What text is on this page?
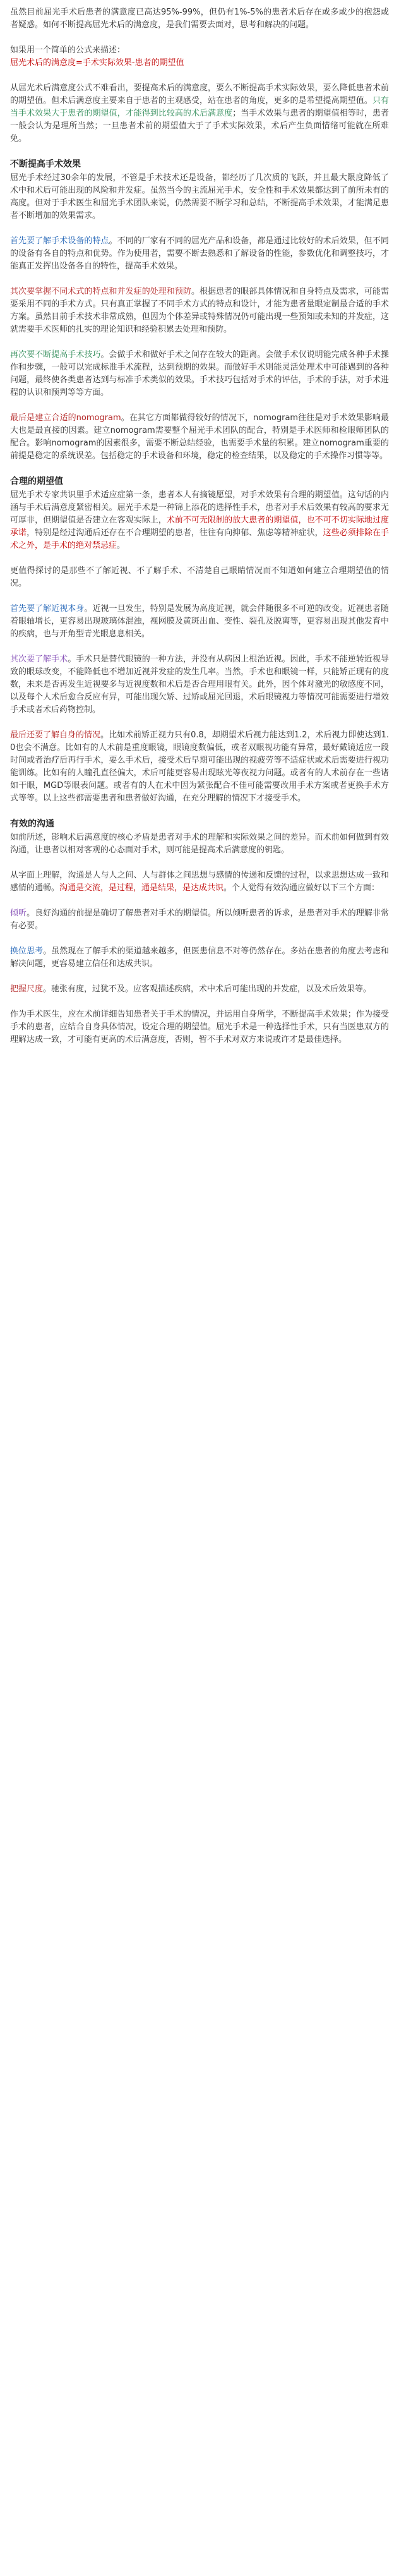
虽然目前屈光手术后患者的满意度已高达95%-99%，但仍有1%-5%的患者术后存在或多或少的抱怨或者疑惑。如何不断提高屈光术后的满意度，是我们需要去面对，思考和解决的问题。

如果用一个简单的公式来描述：

屈光术后的满意度=手术实际效果-患者的期望值

从屈光术后满意度公式不难看出，要提高术后的满意度，要么不断提高手术实际效果，要么降低患者术前的期望值。但术后满意度主要来自于患者的主观感受，站在患者的角度，更多的是希望提高期望值。只有当手术效果大于患者的期望值，才能得到比较高的术后满意度；当手术效果与患者的期望值相等时，患者一般会认为是理所当然；一旦患者术前的期望值大于了手术实际效果，术后产生负面情绪可能就在所难免。

不断提高手术效果

屈光手术经过30余年的发展，不管是手术技术还是设备，都经历了几次质的飞跃，并且最大限度降低了术中和术后可能出现的风险和并发症。虽然当今的主流屈光手术，安全性和手术效果都达到了前所未有的高度。但对于手术医生和屈光手术团队来说，仍然需要不断学习和总结，不断提高手术效果，才能满足患者不断增加的效果需求。

首先要了解手术设备的特点。不同的厂家有不同的屈光产品和设备，都是通过比较好的术后效果，但不同的设备有各自的特点和优势。作为使用者，需要不断去熟悉和了解设备的性能，参数优化和调整技巧，才能真正发挥出设备各自的特性，提高手术效果。

其次要掌握不同术式的特点和并发症的处理和预防。根据患者的眼部具体情况和自身特点及需求，可能需要采用不同的手术方式。只有真正掌握了不同手术方式的特点和设计，才能为患者量眼定制最合适的手术方案。虽然目前手术技术非常成熟，但因为个体差异或特殊情况仍可能出现一些预知或未知的并发症，这就需要手术医师的扎实的理论知识和经验积累去处理和预防。

再次要不断提高手术技巧。会做手术和做好手术之间存在较大的距离。会做手术仅说明能完成各种手术操作和步骤，一般可以完成标准手术流程，达到预期的效果。而做好手术则能灵活处理术中可能遇到的各种问题，最终使各类患者达到与标准手术类似的效果。手术技巧包括对手术的评估，手术的手法，对手术进程的认识和预判等等方面。

最后是建立合适的nomogram。在其它方面都做得较好的情况下，nomogram往往是对手术效果影响最大也是最直接的因素。建立nomogram需要整个屈光手术团队的配合，特别是手术医师和检眼师团队的配合。影响nomogram的因素很多，需要不断总结经验，也需要手术量的积累。建立nomogram重要的前提是稳定的系统误差。包括稳定的手术设备和环境，稳定的检查结果，以及稳定的手术操作习惯等等。

合理的期望值

屈光手术专家共识里手术适应症第一条，患者本人有摘镜愿望，对手术效果有合理的期望值。这句话的内涵与手术后满意度紧密相关。屈光手术是一种锦上添花的选择性手术，患者对手术后效果有较高的要求无可厚非，但期望值是否建立在客观实际上，术前不可无限制的放大患者的期望值，也不可不切实际地过度承诺，特别是经过沟通后还存在不合理期望的患者，往往有向抑郁、焦虑等精神症状，这些必须排除在手术之外，是手术的绝对禁忌症。

更值得探讨的是那些不了解近视、不了解手术、不清楚自己眼睛情况而不知道如何建立合理期望值的情况。

首先要了解近视本身。近视一旦发生，特别是发展为高度近视，就会伴随很多不可逆的改变。近视患者随着眼轴增长，更容易出现玻璃体混浊，视网膜及黄斑出血、变性、裂孔及脱离等，更容易出现其他发育中的疾病，也与开角型青光眼息息相关。

其次要了解手术。手术只是替代眼镜的一种方法，并没有从病因上根治近视。因此，手术不能逆转近视导致的眼球改变，不能降低也不增加近视并发症的发生几率。当然，手术也和眼镜一样，只能矫正现有的度数，未来是否再发生近视要多与近视度数和术后是否合理用眼有关。此外，因个体对激光的敏感度不同，以及每个人术后愈合反应有异，可能出现欠矫、过矫或屈光回退，术后眼镜视力等情况可能需要进行增效手术或者术后药物控制。

最后还要了解自身的情况。比如术前矫正视力只有0.8，却期望术后视力能达到1.2，术后视力即使达到1.0也会不满意。比如有的人术前是重度眼镜，眼镜度数偏低，或者双眼视功能有异常，最好戴镜适应一段时间或者治疗后再行手术，要么手术后，接受术后早期可能出现的视疲劳等不适症状或术后需要进行视功能训练。比如有的人瞳孔直径偏大，术后可能更容易出现眩光等夜视力问题。或者有的人术前存在一些诸如干眼，MGD等眼表问题。或者有的人在术中因为紧张配合不佳可能需要改用手术方案或者更换手术方式等等。以上这些都需要患者和患者做好沟通，在充分理解的情况下才接受手术。

有效的沟通

如前所述，影响术后满意度的核心矛盾是患者对手术的理解和实际效果之间的差异。而术前如何做到有效沟通，让患者以相对客观的心态面对手术，则可能是提高术后满意度的钥匙。

从字面上理解，沟通是人与人之间、人与群体之间思想与感情的传递和反馈的过程，以求思想达成一致和感情的通畅。沟通是交流，是过程，通是结果，是达成共识。个人觉得有效沟通应做好以下三个方面：

倾听。良好沟通的前提是确切了解患者对手术的期望值。所以倾听患者的诉求，是患者对手术的理解非常有必要。

换位思考。虽然现在了解手术的渠道越来越多，但医患信息不对等仍然存在。多站在患者的角度去考虑和解决问题，更容易建立信任和达成共识。

把握尺度。驰张有度，过犹不及。应客观描述疾病，术中术后可能出现的并发症，以及术后效果等。

作为手术医生，应在术前详细告知患者关于手术的情况，并运用自身所学，不断提高手术效果；作为接受手术的患者，应结合自身具体情况，设定合理的期望值。屈光手术是一种选择性手术，只有当医患双方的理解达成一致，才可能有更高的术后满意度，否则，暂不手术对双方来说或许才是最佳选择。
